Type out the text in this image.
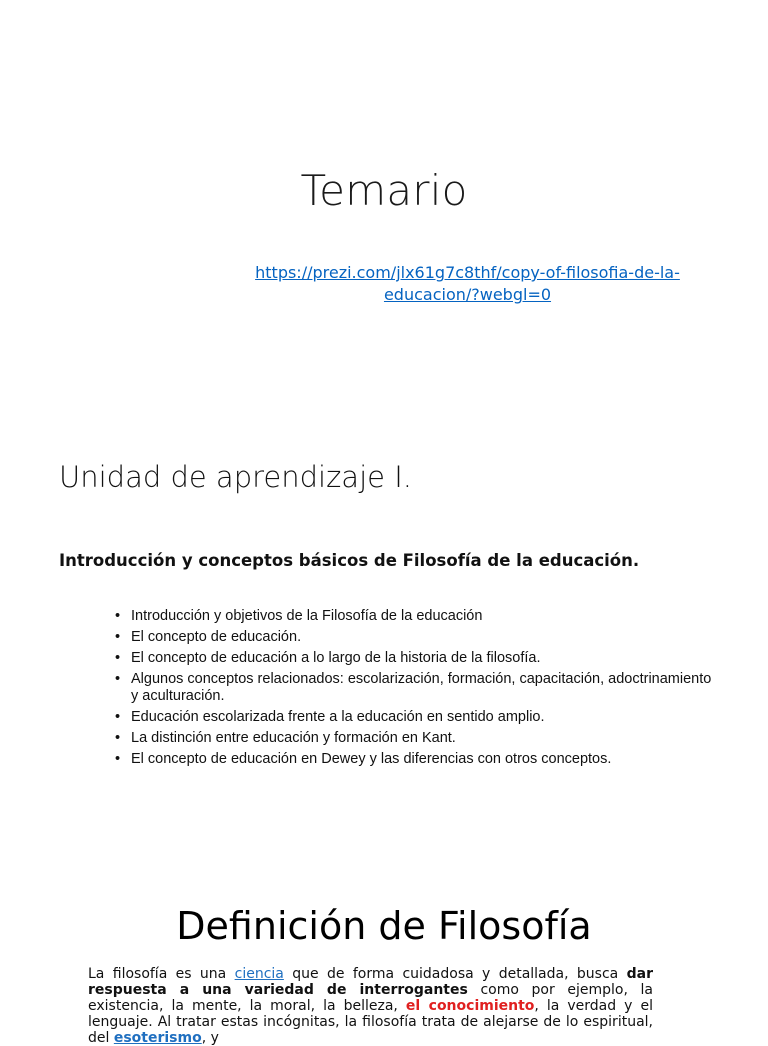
Temario
https://prezi.com/jlx61g7c8thf/copy-of-filosofia-de-la-
educacion/?webgl=0
Unidad de aprendizaje I.
Introducción y conceptos básicos de Filosofía de la educación.
• Introducción y objetivos de la Filosofía de la educación
• El concepto de educación.
• El concepto de educación a lo largo de la historia de la filosofía.
• Algunos conceptos relacionados: escolarización, formación, capacitación, adoctrinamiento y aculturación.
• Educación escolarizada frente a la educación en sentido amplio.
• La distinción entre educación y formación en Kant.
• El concepto de educación en Dewey y las diferencias con otros conceptos.
Definición de Filosofía

La filosofía es una ciencia que de forma cuidadosa y detallada, busca dar respuesta a una variedad de interrogantes como por ejemplo, la existencia, la mente, la moral, la belleza, el conocimiento, la verdad y el lenguaje. Al tratar estas incógnitas, la filosofía trata de alejarse de lo espiritual, del esoterismo, y
